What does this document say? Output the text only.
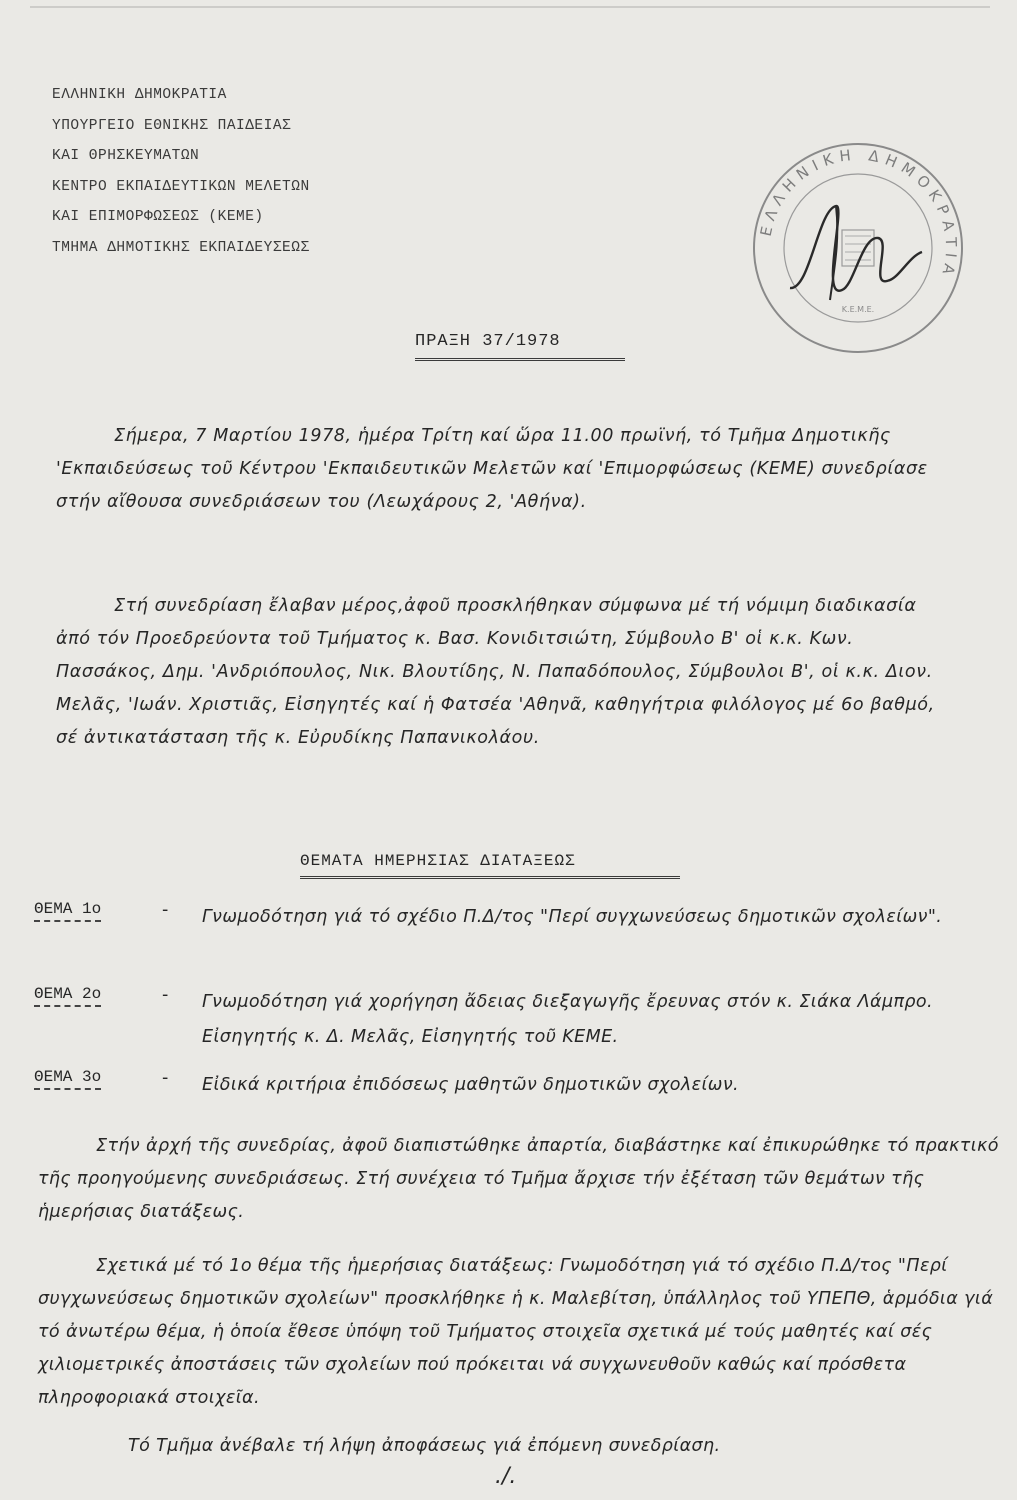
ΕΛΛΗΝΙΚΗ ΔΗΜΟΚΡΑΤΙΑ
ΥΠΟΥΡΓΕΙΟ ΕΘΝΙΚΗΣ ΠΑΙΔΕΙΑΣ
ΚΑΙ ΘΡΗΣΚΕΥΜΑΤΩΝ
ΚΕΝΤΡΟ ΕΚΠΑΙΔΕΥΤΙΚΩΝ ΜΕΛΕΤΩΝ
ΚΑΙ ΕΠΙΜΟΡΦΩΣΕΩΣ (ΚΕΜΕ)
ΤΜΗΜΑ ΔΗΜΟΤΙΚΗΣ ΕΚΠΑΙΔΕΥΣΕΩΣ
ΕΛΛΗΝΙΚΗ ΔΗΜΟΚΡΑΤΙΑ
Κ.Ε.Μ.Ε.
ΠΡΑΞΗ 37/1978

Σήμερα, 7 Μαρτίου 1978, ἡμέρα Τρίτη καί ὥρα 11.00 πρωϊνή, τό Τμῆμα Δημοτικῆς 'Εκπαιδεύσεως τοῦ Κέντρου 'Εκπαιδευτικῶν Μελετῶν καί 'Επιμορφώσεως (ΚΕΜΕ) συνεδρίασε στήν αἴθουσα συνεδριάσεων του (Λεωχάρους 2, 'Αθήνα).

Στή συνεδρίαση ἔλαβαν μέρος,ἀφοῦ προσκλήθηκαν σύμφωνα μέ τή νόμιμη διαδικασία ἀπό τόν Προεδρεύοντα τοῦ Τμήματος κ. Βασ. Κονιδιτσιώτη, Σύμβουλο Β' οἱ κ.κ. Κων. Πασσάκος, Δημ. 'Ανδριόπουλος, Νικ. Βλουτίδης, Ν. Παπαδόπουλος, Σύμβουλοι Β', οἱ κ.κ. Διον. Μελᾶς, 'Ιωάν. Χριστιᾶς, Εἰσηγητές καί ἡ Φατσέα 'Αθηνᾶ, καθηγήτρια φιλόλογος μέ 6ο βαθμό, σέ ἀντικατάσταση τῆς κ. Εὐρυδίκης Παπανικολάου.

ΘΕΜΑΤΑ ΗΜΕΡΗΣΙΑΣ ΔΙΑΤΑΞΕΩΣ
ΘΕΜΑ 1ο	- Γνωμοδότηση γιά τό σχέδιο Π.Δ/τος "Περί συγχωνεύσεως δημοτικῶν σχολείων".
ΘΕΜΑ 2ο	- Γνωμοδότηση γιά χορήγηση ἄδειας διεξαγωγῆς ἔρευνας στόν κ. Σιάκα Λάμπρο. Εἰσηγητής κ. Δ. Μελᾶς, Εἰσηγητής τοῦ ΚΕΜΕ.
ΘΕΜΑ 3ο	- Εἰδικά κριτήρια ἐπιδόσεως μαθητῶν δημοτικῶν σχολείων.

Στήν ἀρχή τῆς συνεδρίας, ἀφοῦ διαπιστώθηκε ἀπαρτία, διαβάστηκε καί ἐπικυρώθηκε τό πρακτικό τῆς προηγούμενης συνεδριάσεως. Στή συνέχεια τό Τμῆμα ἄρχισε τήν ἐξέταση τῶν θεμάτων τῆς ἡμερήσιας διατάξεως.

Σχετικά μέ τό 1ο θέμα τῆς ἡμερήσιας διατάξεως: Γνωμοδότηση γιά τό σχέδιο Π.Δ/τος "Περί συγχωνεύσεως δημοτικῶν σχολείων" προσκλήθηκε ἡ κ. Μαλεβίτση, ὑπάλληλος τοῦ ΥΠΕΠΘ, ἁρμόδια γιά τό ἀνωτέρω θέμα, ἡ ὁποία ἔθεσε ὑπόψη τοῦ Τμήματος στοιχεῖα σχετικά μέ τούς μαθητές καί σές χιλιομετρικές ἀποστάσεις τῶν σχολείων πού πρόκειται νά συγχωνευθοῦν καθώς καί πρόσθετα πληροφοριακά στοιχεῖα.

Τό Τμῆμα ἀνέβαλε τή λήψη ἀποφάσεως γιά ἐπόμενη συνεδρίαση.

./.
